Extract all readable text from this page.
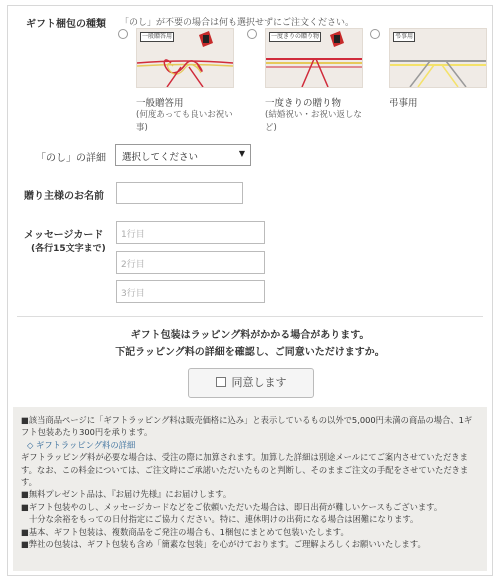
ギフト梱包の種類 「のし」が不要の場合は何も選択せずにご注文ください。
一般贈答用
一般贈答用
(何度あっても良いお祝い事)
一度きりの贈り物
一度きりの贈り物
(結婚祝い・お祝い返しなど)
弔事用
弔事用
「のし」の詳細	選択してください	▼
贈り主様のお名前
メッセージカード
(各行15文字まで)
1行目
2行目
3行目
ギフト包装はラッピング料がかかる場合があります。
下記ラッピング料の詳細を確認し、ご同意いただけますか。
同意します

■該当商品ページに「ギフトラッピング料は販売価格に込み」と表示しているもの以外で5,000円未満の商品の場合、1ギフト包装あたり300円を承ります。

◇ ギフトラッピング料の詳細

ギフトラッピング料が必要な場合は、受注の際に加算されます。加算した詳細は別途メールにてご案内させていただきます。なお、この料金については、ご注文時にご承諾いただいたものと判断し、そのままご注文の手配をさせていただきます。

■無料プレゼント品は、『お届け先様』にお届けします。

■ギフト包装やのし、メッセージカードなどをご依頼いただいた場合は、即日出荷が難しいケースもございます。

十分な余裕をもっての日付指定にご協力ください。特に、連休明けの出荷になる場合は困難になります。

■基本、ギフト包装は、複数商品をご発注の場合も、1梱包にまとめて包装いたします。

■弊社の包装は、ギフト包装も含め「簡素な包装」を心がけております。ご理解よろしくお願いいたします。
